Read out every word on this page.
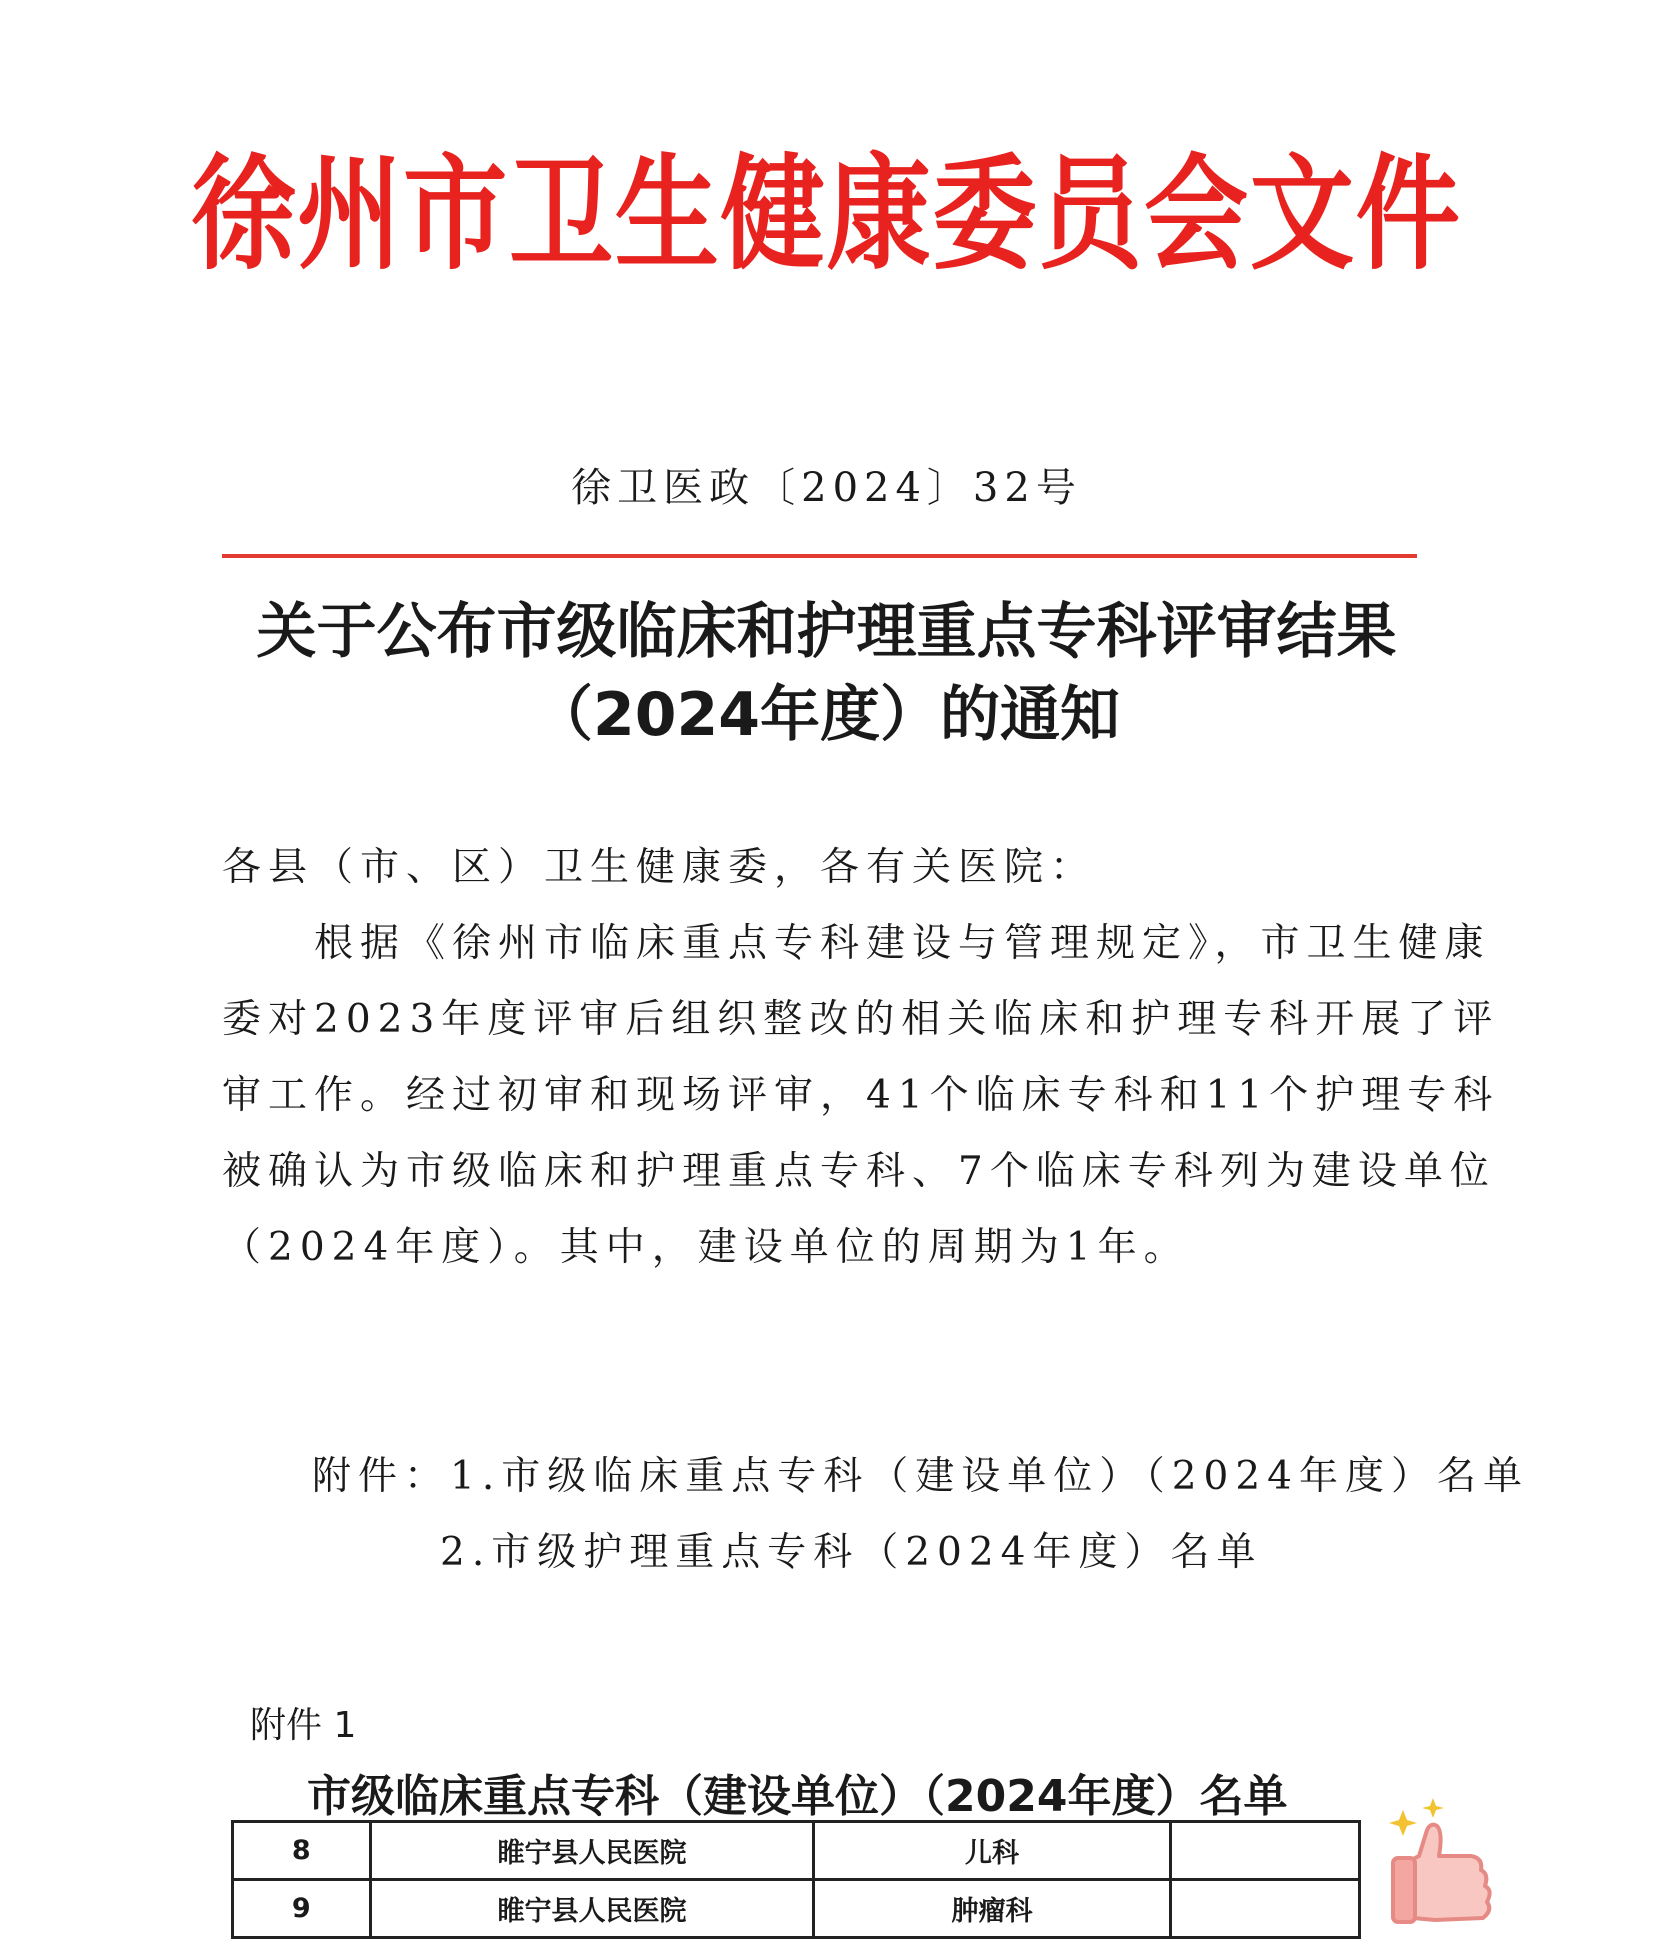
徐州市卫生健康委员会文件
徐卫医政〔2024〕32号
关于公布市级临床和护理重点专科评审结果
（2024年度）的通知
各县（市、区）卫生健康委，各有关医院：
　　根据《徐州市临床重点专科建设与管理规定》，市卫生健康
委对2023年度评审后组织整改的相关临床和护理专科开展了评
审工作。经过初审和现场评审，41个临床专科和11个护理专科
被确认为市级临床和护理重点专科、7个临床专科列为建设单位
（2024年度）。其中，建设单位的周期为1年。
附件：1.市级临床重点专科（建设单位）（2024年度）名单
2.市级护理重点专科（2024年度）名单
附件 1
市级临床重点专科（建设单位）（2024年度）名单
8	睢宁县人民医院	儿科	
9	睢宁县人民医院	肿瘤科	
